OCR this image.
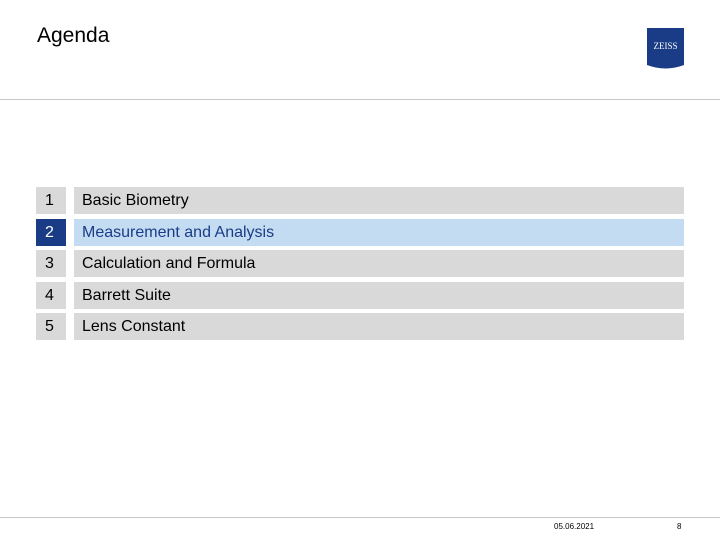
Agenda	ZEISS
1	Basic Biometry
2	Measurement and Analysis
3	Calculation and Formula
4	Barrett Suite
5	Lens Constant
05.06.2021	8
